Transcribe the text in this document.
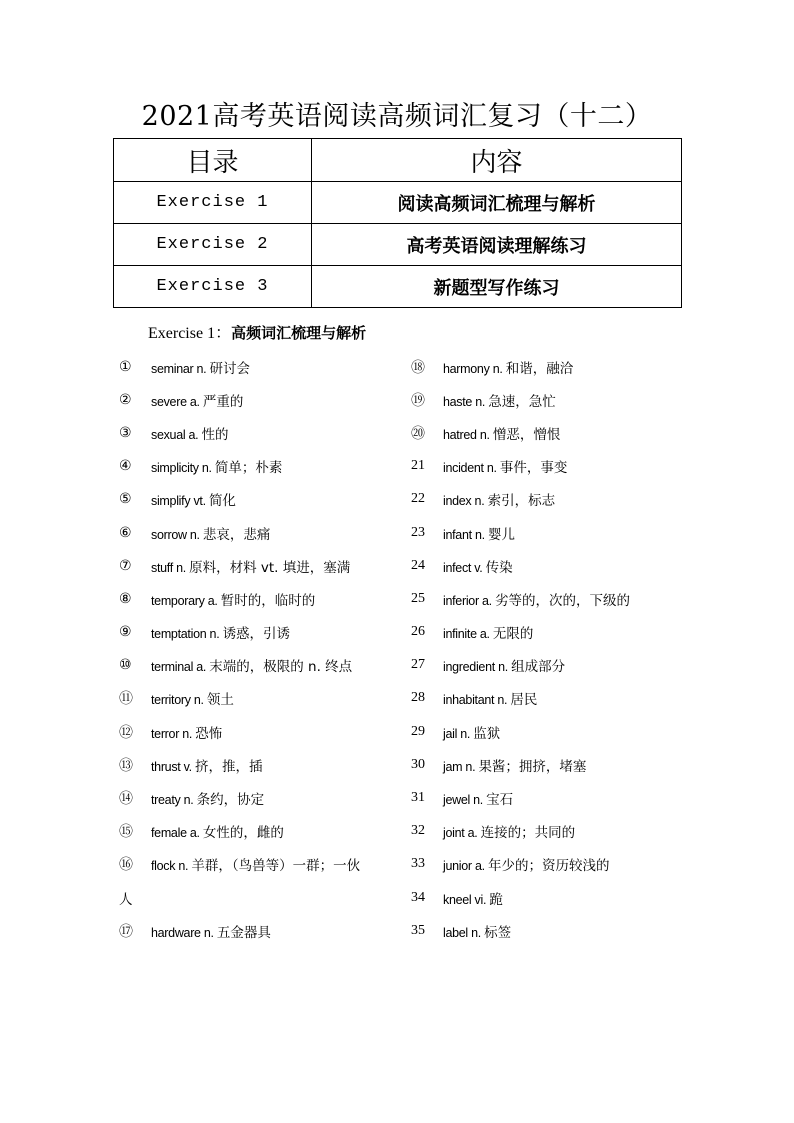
2021高考英语阅读高频词汇复习（十二）
目录	内容
Exercise 1	阅读高频词汇梳理与解析
Exercise 2	高考英语阅读理解练习
Exercise 3	新题型写作练习
Exercise 1：高频词汇梳理与解析
①	seminar n. 研讨会
②	severe a. 严重的
③	sexual a. 性的
④	simplicity n. 简单；朴素
⑤	simplify vt. 简化
⑥	sorrow n. 悲哀，悲痛
⑦	stuff n. 原料，材料 vt. 填进，塞满
⑧	temporary a. 暂时的，临时的
⑨	temptation n. 诱惑，引诱
⑩	terminal a. 末端的，极限的 n. 终点
⑪	territory n. 领土
⑫	terror n. 恐怖
⑬	thrust v. 挤，推，插
⑭	treaty n. 条约，协定
⑮	female a. 女性的，雌的
⑯	flock n. 羊群，（鸟兽等）一群；一伙
人
⑰	hardware n. 五金器具
⑱	harmony n. 和谐，融洽
⑲	haste n. 急速，急忙
⑳	hatred n. 憎恶，憎恨
21	incident n. 事件，事变
22	index n. 索引，标志
23	infant n. 婴儿
24	infect v. 传染
25	inferior a. 劣等的，次的，下级的
26	infinite a. 无限的
27	ingredient n. 组成部分
28	inhabitant n. 居民
29	jail n. 监狱
30	jam n. 果酱；拥挤，堵塞
31	jewel n. 宝石
32	joint a. 连接的；共同的
33	junior a. 年少的；资历较浅的
34	kneel vi. 跪
35	label n. 标签
